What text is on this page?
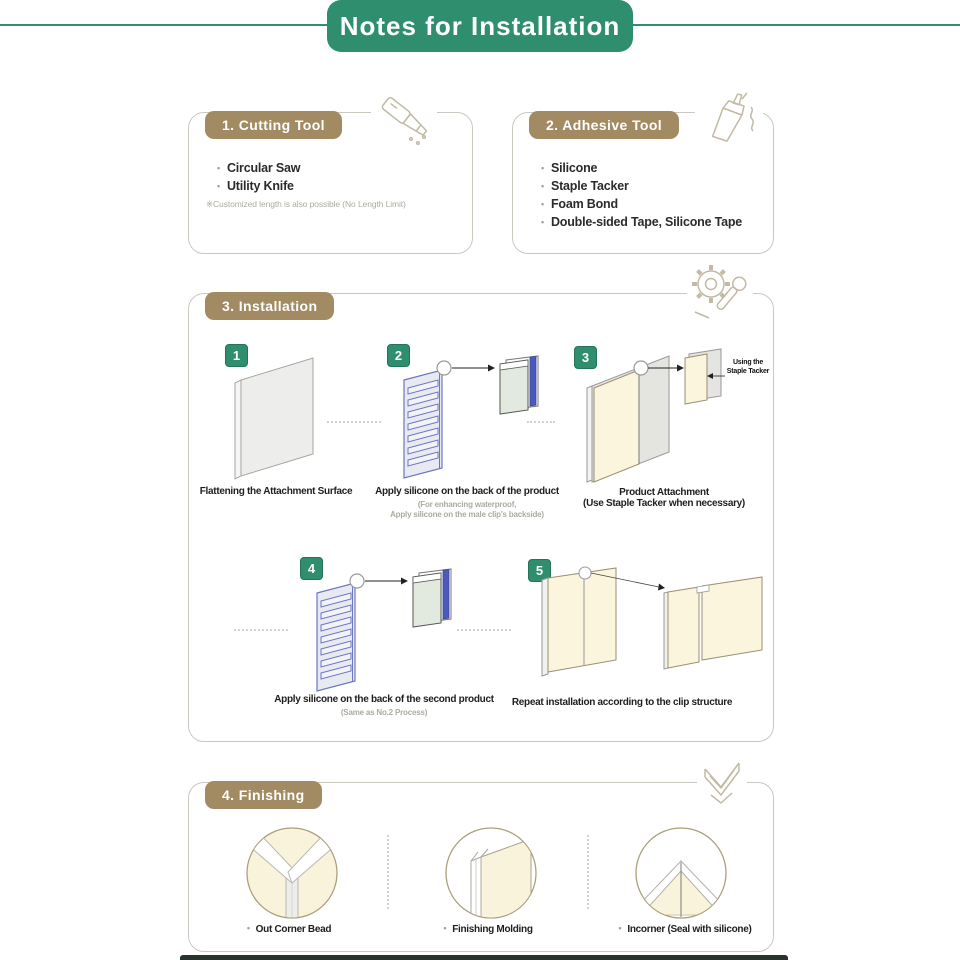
Notes for Installation
1. Cutting Tool
• Circular Saw
• Utility Knife
※Customized length is also possible (No Length Limit)
2. Adhesive Tool
• Silicone
• Staple Tacker
• Foam Bond
• Double-sided Tape, Silicone Tape
3. Installation
1	2	3
4	5
Using the
Staple Tacker
Flattening the Attachment Surface Apply silicone on the back of the product
(For enhancing waterproof,
Apply silicone on the male clip's backside)
Product Attachment
(Use Staple Tacker when necessary)
Apply silicone on the back of the second product
(Same as No.2 Process)
Repeat installation according to the clip structure
4. Finishing
• Out Corner Bead	• Finishing Molding	• Incorner (Seal with silicone)
